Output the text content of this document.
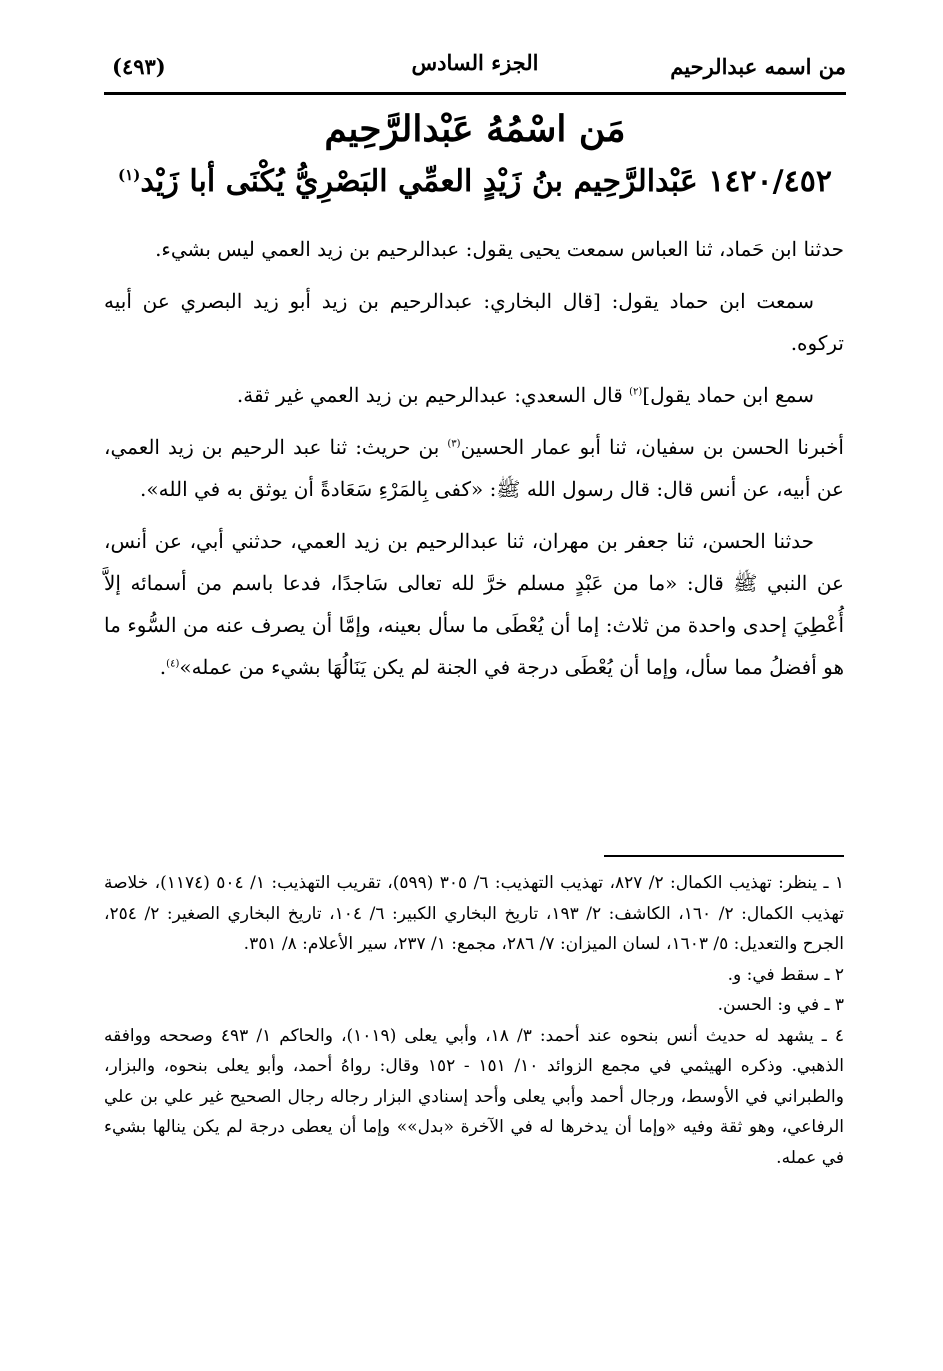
(٤٩٣)	الجزء السادس	من اسمه عبدالرحيم
مَن اسْمُهُ عَبْدالرَّحِيم
١٤٢٠/٤٥٢ عَبْدالرَّحِيم بنُ زَيْدٍ العمِّي البَصْرِيُّ يُكْنَى أبا زَيْد$^{(١)}$

حدثنا ابن حَماد، ثنا العباس سمعت يحيى يقول: عبدالرحيم بن زيد العمي ليس بشيء.

سمعت ابن حماد يقول: [قال البخاري: عبدالرحيم بن زيد أبو زيد البصري عن أبيه تركوه.

سمع ابن حماد يقول]$^{(٢)}$ قال السعدي: عبدالرحيم بن زيد العمي غير ثقة.

أخبرنا الحسن بن سفيان، ثنا أبو عمار الحسين$^{(٣)}$ بن حريث: ثنا عبد الرحيم بن زيد العمي، عن أبيه، عن أنس قال: قال رسول الله ﷺ: «كفى بِالمَرْءِ سَعَادةً أن يوثق به في الله».

حدثنا الحسن، ثنا جعفر بن مهران، ثنا عبدالرحيم بن زيد العمي، حدثني أبي، عن أنس، عن النبي ﷺ قال: «ما من عَبْدٍ مسلم خرَّ لله تعالى سَاجدًا، فدعا باسم من أسمائه إلاَّ أُعْطِيَ إحدى واحدة من ثلاث: إما أن يُعْطَى ما سأل بعينه، وإمَّا أن يصرف عنه من السُّوء ما هو أفضلُ مما سأل، وإما أن يُعْطَى درجة في الجنة لم يكن يَنَالُهَا بشيء من عمله»$^{(٤)}$.

١ ـ ينظر: تهذيب الكمال: ٢/ ٨٢٧، تهذيب التهذيب: ٦/ ٣٠٥ (٥٩٩)، تقريب التهذيب: ١/ ٥٠٤ (١١٧٤)، خلاصة تهذيب الكمال: ٢/ ١٦٠، الكاشف: ٢/ ١٩٣، تاريخ البخاري الكبير: ٦/ ١٠٤، تاريخ البخاري الصغير: ٢/ ٢٥٤، الجرح والتعديل: ٥/ ١٦٠٣، لسان الميزان: ٧/ ٢٨٦، مجمع: ١/ ٢٣٧، سير الأعلام: ٨/ ٣٥١.

٢ ـ سقط في: و.

٣ ـ في و: الحسن.

٤ ـ يشهد له حديث أنس بنحوه عند أحمد: ٣/ ١٨، وأبي يعلى (١٠١٩)، والحاكم ١/ ٤٩٣ وصححه ووافقه الذهبي. وذكره الهيثمي في مجمع الزوائد ١٠/ ١٥١ - ١٥٢ وقال: رواهُ أحمد، وأبو يعلى بنحوه، والبزار، والطبراني في الأوسط، ورجال أحمد وأبي يعلى وأحد إسنادي البزار رجاله رجال الصحيح غير علي بن علي الرفاعي، وهو ثقة وفيه «وإما أن يدخرها له في الآخرة «بدل»» وإما أن يعطى درجة لم يكن ينالها بشيء في عمله.
